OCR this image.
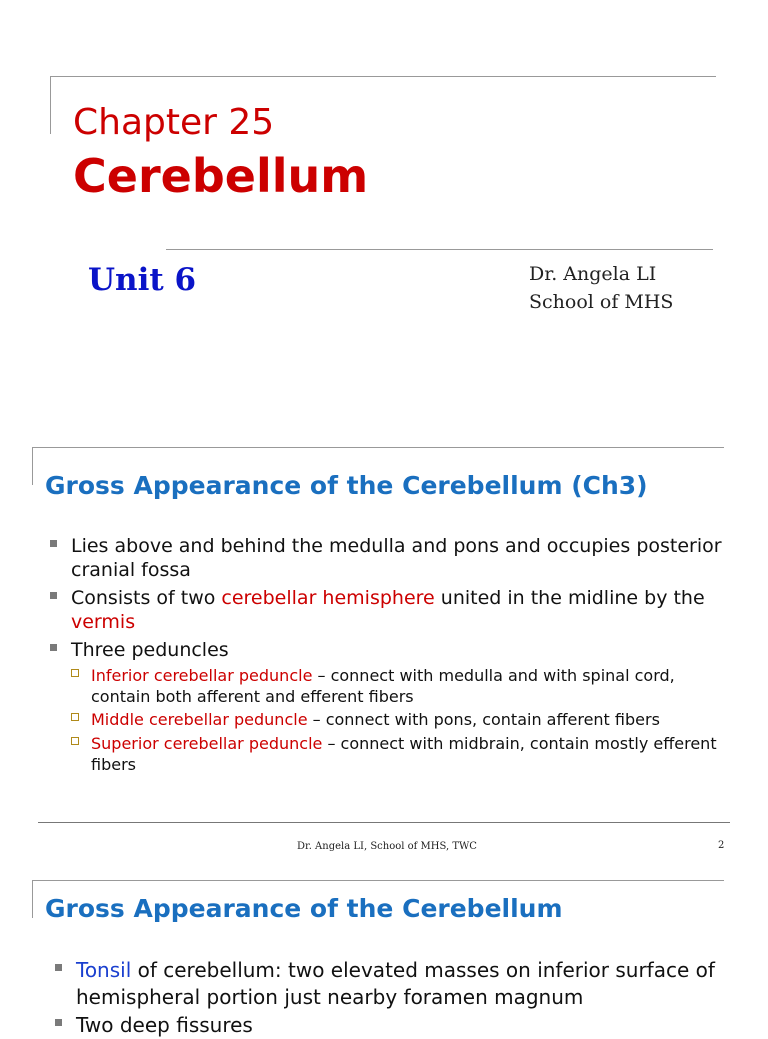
Chapter 25
Cerebellum
Unit 6	Dr. Angela LI
School of MHS
Gross Appearance of the Cerebellum (Ch3)
Lies above and behind the medulla and pons and occupies posterior
cranial fossa
Consists of two cerebellar hemisphere united in the midline by the
vermis
Three peduncles
Inferior cerebellar peduncle – connect with medulla and with spinal cord,
contain both afferent and efferent fibers
Middle cerebellar peduncle – connect with pons, contain afferent fibers
Superior cerebellar peduncle – connect with midbrain, contain mostly efferent
fibers
Dr. Angela LI, School of MHS, TWC	2
Gross Appearance of the Cerebellum
Tonsil of cerebellum: two elevated masses on inferior surface of
hemispheral portion just nearby foramen magnum
Two deep fissures
